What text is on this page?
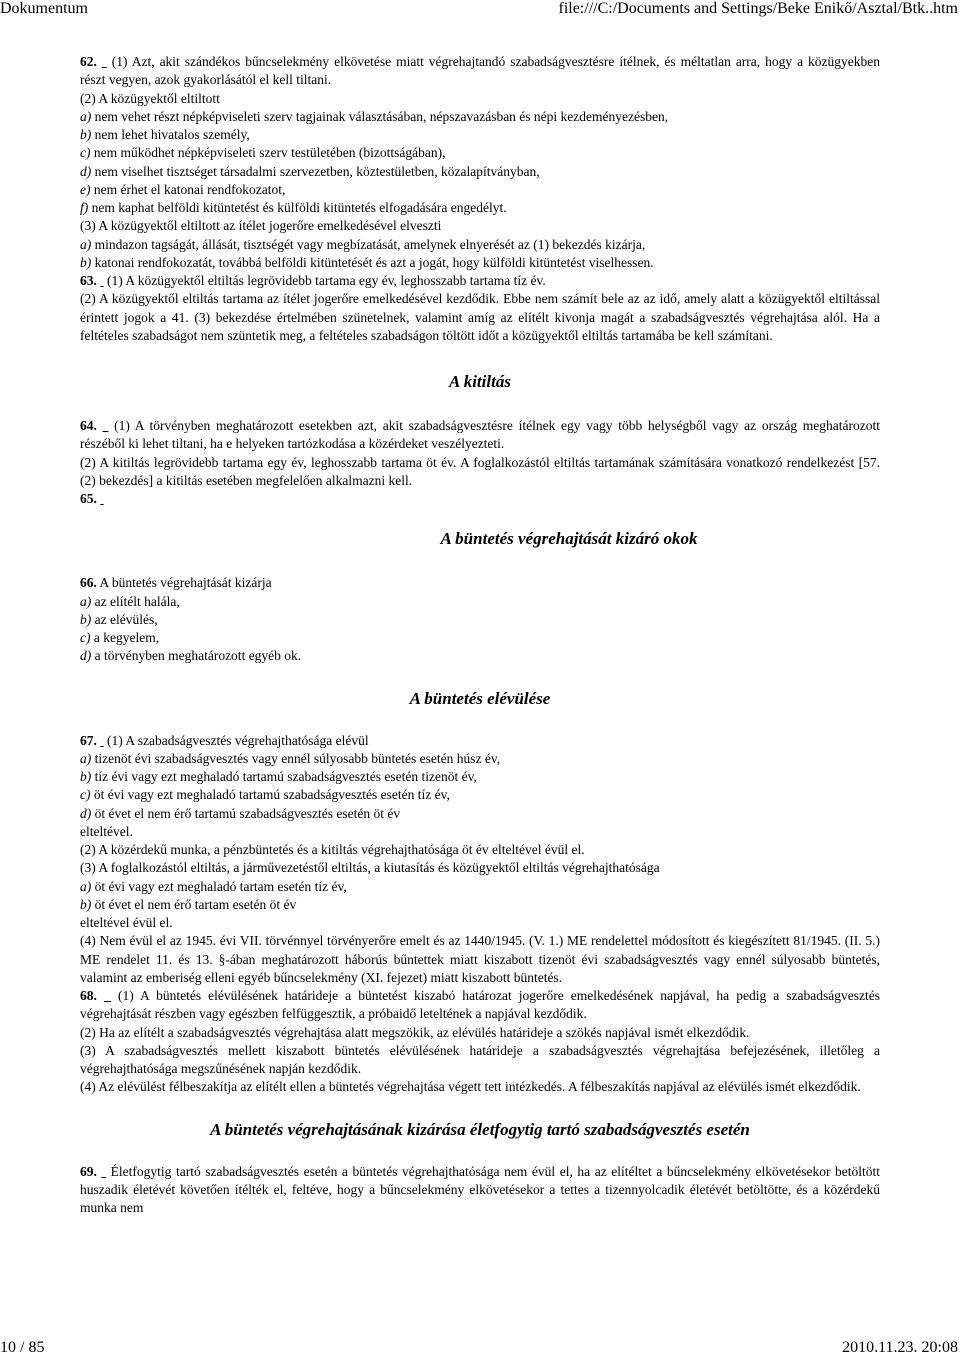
Dokumentum	file:///C:/Documents and Settings/Beke Enikő/Asztal/Btk..htm

62. (1) Azt, akit szándékos bűncselekmény elkövetése miatt végrehajtandó szabadságvesztésre ítélnek, és méltatlan arra, hogy a közügyekben részt vegyen, azok gyakorlásától el kell tiltani.

(2) A közügyektől eltiltott

a) nem vehet részt népképviseleti szerv tagjainak választásában, népszavazásban és népi kezdeményezésben,

b) nem lehet hivatalos személy,

c) nem működhet népképviseleti szerv testületében (bizottságában),

d) nem viselhet tisztséget társadalmi szervezetben, köztestületben, közalapítványban,

e) nem érhet el katonai rendfokozatot,

f) nem kaphat belföldi kitüntetést és külföldi kitüntetés elfogadására engedélyt.

(3) A közügyektől eltiltott az ítélet jogerőre emelkedésével elveszti

a) mindazon tagságát, állását, tisztségét vagy megbízatását, amelynek elnyerését az (1) bekezdés kizárja,

b) katonai rendfokozatát, továbbá belföldi kitüntetését és azt a jogát, hogy külföldi kitüntetést viselhessen.

63. (1) A közügyektől eltiltás legrövidebb tartama egy év, leghosszabb tartama tíz év.

(2) A közügyektől eltiltás tartama az ítélet jogerőre emelkedésével kezdődik. Ebbe nem számít bele az az idő, amely alatt a közügyektől eltiltással érintett jogok a 41. (3) bekezdése értelmében szünetelnek, valamint amíg az elítélt kivonja magát a szabadságvesztés végrehajtása alól. Ha a feltételes szabadságot nem szüntetik meg, a feltételes szabadságon töltött időt a közügyektől eltiltás tartamába be kell számítani.

A kitiltás

64. (1) A törvényben meghatározott esetekben azt, akit szabadságvesztésre ítélnek egy vagy több helységből vagy az ország meghatározott részéből ki lehet tiltani, ha e helyeken tartózkodása a közérdeket veszélyezteti.

(2) A kitiltás legrövidebb tartama egy év, leghosszabb tartama öt év. A foglalkozástól eltiltás tartamának számítására vonatkozó rendelkezést [57. (2) bekezdés] a kitiltás esetében megfelelően alkalmazni kell.

65.

A büntetés végrehajtását kizáró okok

66. A büntetés végrehajtását kizárja

a) az elítélt halála,

b) az elévülés,

c) a kegyelem,

d) a törvényben meghatározott egyéb ok.

A büntetés elévülése

67. (1) A szabadságvesztés végrehajthatósága elévül

a) tizenöt évi szabadságvesztés vagy ennél súlyosabb büntetés esetén húsz év,

b) tíz évi vagy ezt meghaladó tartamú szabadságvesztés esetén tizenöt év,

c) öt évi vagy ezt meghaladó tartamú szabadságvesztés esetén tíz év,

d) öt évet el nem érő tartamú szabadságvesztés esetén öt év

elteltével.

(2) A közérdekű munka, a pénzbüntetés és a kitiltás végrehajthatósága öt év elteltével évül el.

(3) A foglalkozástól eltiltás, a járművezetéstől eltiltás, a kiutasítás és közügyektől eltiltás végrehajthatósága

a) öt évi vagy ezt meghaladó tartam esetén tíz év,

b) öt évet el nem érő tartam esetén öt év

elteltével évül el.

(4) Nem évül el az 1945. évi VII. törvénnyel törvényerőre emelt és az 1440/1945. (V. 1.) ME rendelettel módosított és kiegészített 81/1945. (II. 5.) ME rendelet 11. és 13. §-ában meghatározott háborús bűntettek miatt kiszabott tizenöt évi szabadságvesztés vagy ennél súlyosabb büntetés, valamint az emberiség elleni egyéb bűncselekmény (XI. fejezet) miatt kiszabott büntetés.

68. (1) A büntetés elévülésének határideje a büntetést kiszabó határozat jogerőre emelkedésének napjával, ha pedig a szabadságvesztés végrehajtását részben vagy egészben felfüggesztik, a próbaidő leteltének a napjával kezdődik.

(2) Ha az elítélt a szabadságvesztés végrehajtása alatt megszökik, az elévülés határideje a szökés napjával ismét elkezdődik.

(3) A szabadságvesztés mellett kiszabott büntetés elévülésének határideje a szabadságvesztés végrehajtása befejezésének, illetőleg a végrehajthatósága megszűnésének napján kezdődik.

(4) Az elévülést félbeszakítja az elítélt ellen a büntetés végrehajtása végett tett intézkedés. A félbeszakítás napjával az elévülés ismét elkezdődik.

A büntetés végrehajtásának kizárása életfogytig tartó szabadságvesztés esetén

69. Életfogytig tartó szabadságvesztés esetén a büntetés végrehajthatósága nem évül el, ha az elítéltet a bűncselekmény elkövetésekor betöltött huszadik életévét követően ítélték el, feltéve, hogy a bűncselekmény elkövetésekor a tettes a tizennyolcadik életévét betöltötte, és a közérdekű munka nem

10 / 85	2010.11.23. 20:08
